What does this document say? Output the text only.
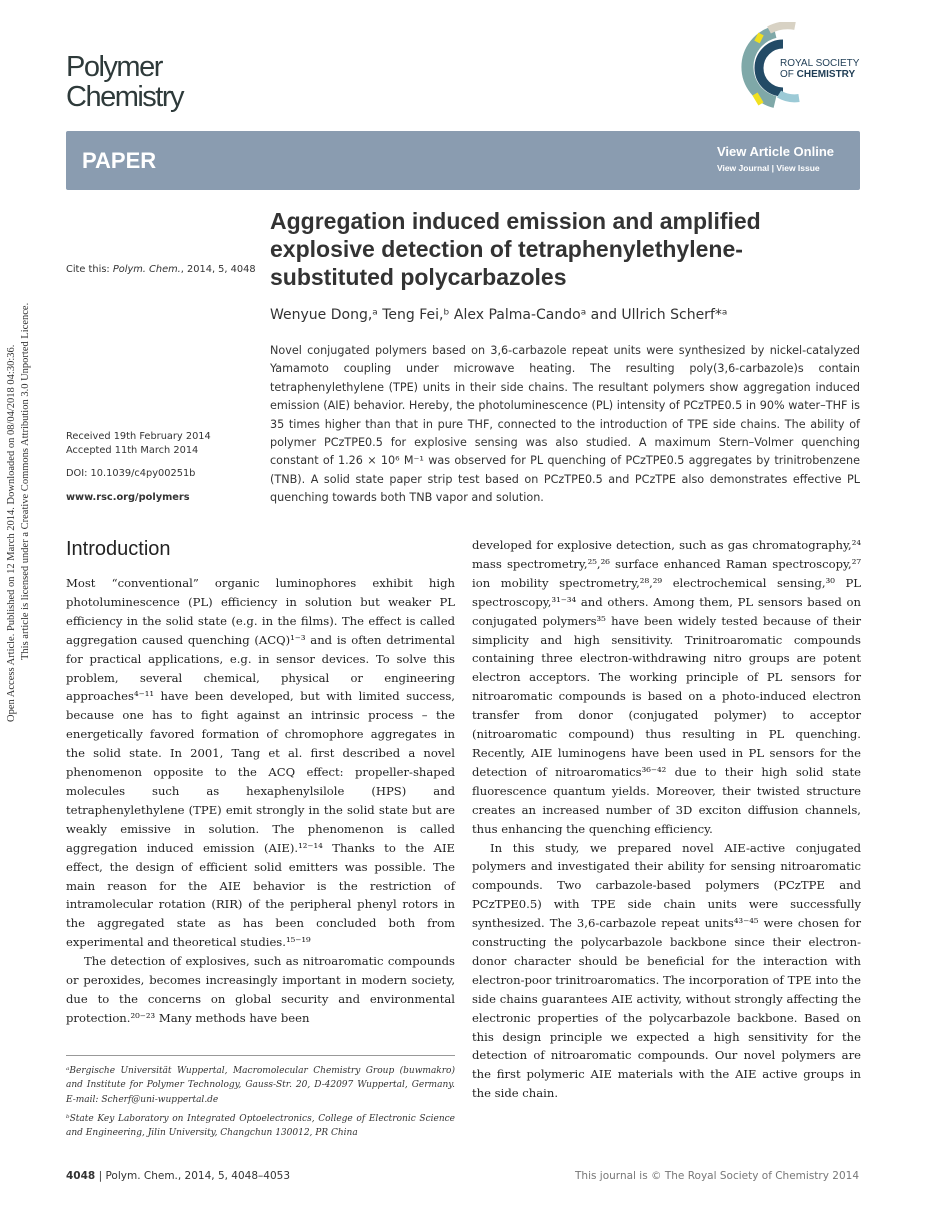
Open Access Article. Published on 12 March 2014. Downloaded on 08/04/2018 04:30:36. This article is licensed under a Creative Commons Attribution 3.0 Unported Licence.
Polymer
Chemistry
ROYAL SOCIETY
OF CHEMISTRY
PAPER	View Article Online
View Journal | View Issue
Cite this: Polym. Chem., 2014, 5, 4048
Received 19th February 2014
Accepted 11th March 2014
DOI: 10.1039/c4py00251b
www.rsc.org/polymers
Aggregation induced emission and amplified explosive detection of tetraphenylethylene-substituted polycarbazoles
Wenyue Dong,ᵃ Teng Fei,ᵇ Alex Palma-Candoᵃ and Ullrich Scherf*ᵃ
Novel conjugated polymers based on 3,6-carbazole repeat units were synthesized by nickel-catalyzed Yamamoto coupling under microwave heating. The resulting poly(3,6-carbazole)s contain tetraphenylethylene (TPE) units in their side chains. The resultant polymers show aggregation induced emission (AIE) behavior. Hereby, the photoluminescence (PL) intensity of PCzTPE0.5 in 90% water–THF is 35 times higher than that in pure THF, connected to the introduction of TPE side chains. The ability of polymer PCzTPE0.5 for explosive sensing was also studied. A maximum Stern–Volmer quenching constant of 1.26 × 10⁶ M⁻¹ was observed for PL quenching of PCzTPE0.5 aggregates by trinitrobenzene (TNB). A solid state paper strip test based on PCzTPE0.5 and PCzTPE also demonstrates effective PL quenching towards both TNB vapor and solution.
Introduction

Most “conventional” organic luminophores exhibit high photoluminescence (PL) efficiency in solution but weaker PL efficiency in the solid state (e.g. in the films). The effect is called aggregation caused quenching (ACQ)¹⁻³ and is often detrimental for practical applications, e.g. in sensor devices. To solve this problem, several chemical, physical or engineering approaches⁴⁻¹¹ have been developed, but with limited success, because one has to fight against an intrinsic process – the energetically favored formation of chromophore aggregates in the solid state. In 2001, Tang et al. first described a novel phenomenon opposite to the ACQ effect: propeller-shaped molecules such as hexaphenylsilole (HPS) and tetraphenylethylene (TPE) emit strongly in the solid state but are weakly emissive in solution. The phenomenon is called aggregation induced emission (AIE).¹²⁻¹⁴ Thanks to the AIE effect, the design of efficient solid emitters was possible. The main reason for the AIE behavior is the restriction of intramolecular rotation (RIR) of the peripheral phenyl rotors in the aggregated state as has been concluded both from experimental and theoretical studies.¹⁵⁻¹⁹

The detection of explosives, such as nitroaromatic compounds or peroxides, becomes increasingly important in modern society, due to the concerns on global security and environmental protection.²⁰⁻²³ Many methods have been

developed for explosive detection, such as gas chromatography,²⁴ mass spectrometry,²⁵,²⁶ surface enhanced Raman spectroscopy,²⁷ ion mobility spectrometry,²⁸,²⁹ electrochemical sensing,³⁰ PL spectroscopy,³¹⁻³⁴ and others. Among them, PL sensors based on conjugated polymers³⁵ have been widely tested because of their simplicity and high sensitivity. Trinitroaromatic compounds containing three electron-withdrawing nitro groups are potent electron acceptors. The working principle of PL sensors for nitroaromatic compounds is based on a photo-induced electron transfer from donor (conjugated polymer) to acceptor (nitroaromatic compound) thus resulting in PL quenching. Recently, AIE luminogens have been used in PL sensors for the detection of nitroaromatics³⁶⁻⁴² due to their high solid state fluorescence quantum yields. Moreover, their twisted structure creates an increased number of 3D exciton diffusion channels, thus enhancing the quenching efficiency.

In this study, we prepared novel AIE-active conjugated polymers and investigated their ability for sensing nitroaromatic compounds. Two carbazole-based polymers (PCzTPE and PCzTPE0.5) with TPE side chain units were successfully synthesized. The 3,6-carbazole repeat units⁴³⁻⁴⁵ were chosen for constructing the polycarbazole backbone since their electron-donor character should be beneficial for the interaction with electron-poor trinitroaromatics. The incorporation of TPE into the side chains guarantees AIE activity, without strongly affecting the electronic properties of the polycarbazole backbone. Based on this design principle we expected a high sensitivity for the detection of nitroaromatic compounds. Our novel polymers are the first polymeric AIE materials with the AIE active groups in the side chain.

ᵃBergische Universität Wuppertal, Macromolecular Chemistry Group (buwmakro) and Institute for Polymer Technology, Gauss-Str. 20, D-42097 Wuppertal, Germany. E-mail: Scherf@uni-wuppertal.de

ᵇState Key Laboratory on Integrated Optoelectronics, College of Electronic Science and Engineering, Jilin University, Changchun 130012, PR China

4048 | Polym. Chem., 2014, 5, 4048–4053	This journal is © The Royal Society of Chemistry 2014
